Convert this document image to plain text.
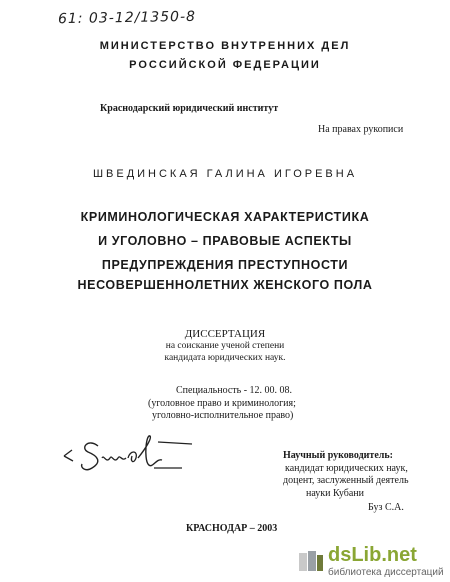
61: 03-12/1350-8
МИНИСТЕРСТВО ВНУТРЕННИХ ДЕЛ
РОССИЙСКОЙ ФЕДЕРАЦИИ
Краснодарский юридический институт
На правах рукописи
ШВЕДИНСКАЯ ГАЛИНА ИГОРЕВНА
КРИМИНОЛОГИЧЕСКАЯ ХАРАКТЕРИСТИКА
И УГОЛОВНО – ПРАВОВЫЕ АСПЕКТЫ
ПРЕДУПРЕЖДЕНИЯ ПРЕСТУПНОСТИ
НЕСОВЕРШЕННОЛЕТНИХ ЖЕНСКОГО ПОЛА
ДИССЕРТАЦИЯ
на соискание ученой степени
кандидата юридических наук.
Специальность - 12. 00. 08.
(уголовное право и криминология;
уголовно-исполнительное право)
Научный руководитель:
кандидат юридических наук,
доцент, заслуженный деятель
науки Кубани
Буз С.А.
КРАСНОДАР – 2003
dsLib.net
библиотека диссертаций
